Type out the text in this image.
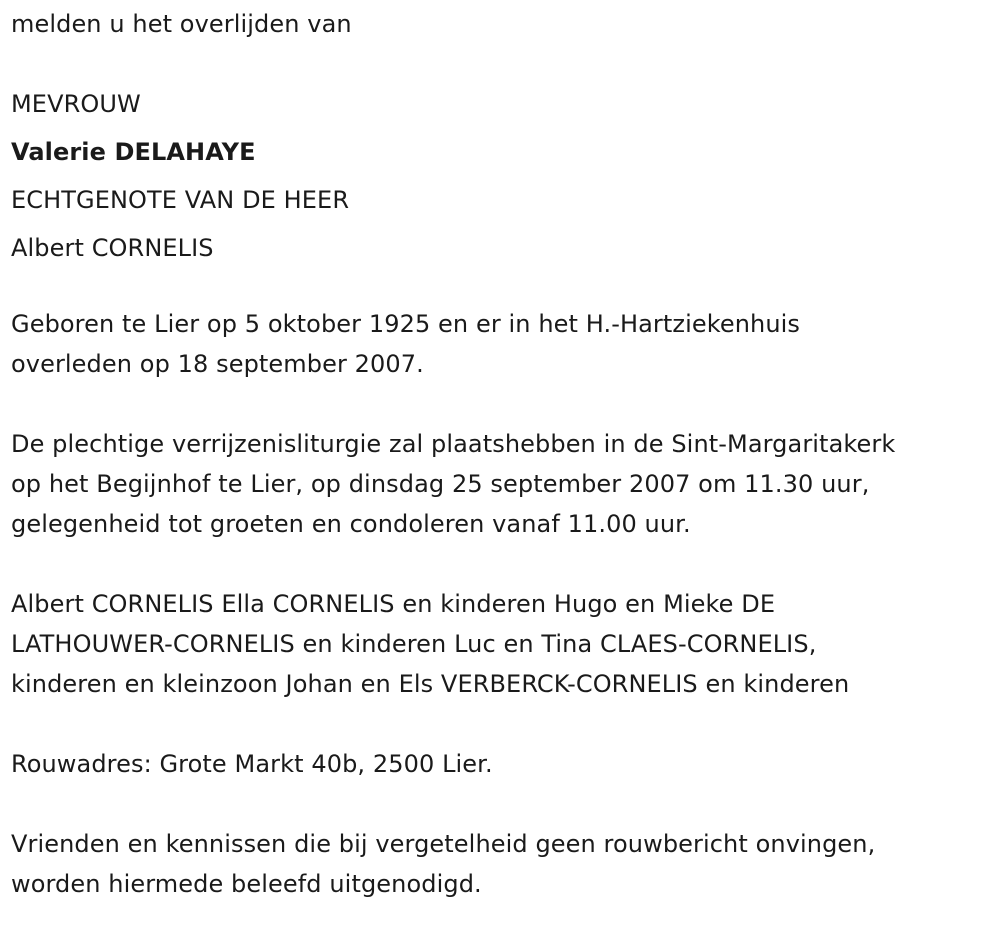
melden u het overlijden van
MEVROUW
Valerie DELAHAYE
ECHTGENOTE VAN DE HEER
Albert CORNELIS
Geboren te Lier op 5 oktober 1925 en er in het H.-Hartziekenhuis
overleden op 18 september 2007.
De plechtige verrijzenisliturgie zal plaatshebben in de Sint-Margaritakerk
op het Begijnhof te Lier, op dinsdag 25 september 2007 om 11.30 uur,
gelegenheid tot groeten en condoleren vanaf 11.00 uur.
Albert CORNELIS Ella CORNELIS en kinderen Hugo en Mieke DE
LATHOUWER-CORNELIS en kinderen Luc en Tina CLAES-CORNELIS,
kinderen en kleinzoon Johan en Els VERBERCK-CORNELIS en kinderen
Rouwadres: Grote Markt 40b, 2500 Lier.
Vrienden en kennissen die bij vergetelheid geen rouwbericht onvingen,
worden hiermede beleefd uitgenodigd.
